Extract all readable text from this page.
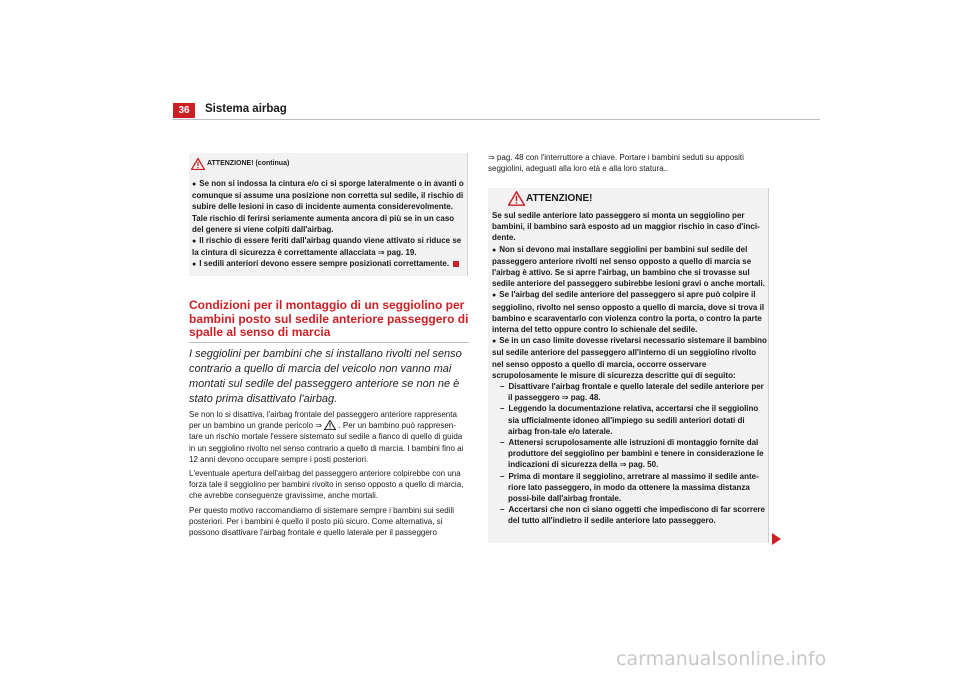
36	Sistema airbag
ATTENZIONE! (continua)
● Se non si indossa la cintura e/o ci si sporge lateralmente o in avanti o comunque si assume una posizione non corretta sul sedile, il rischio di subire delle lesioni in caso di incidente aumenta considerevolmente. Tale rischio di ferirsi seriamente aumenta ancora di più se in un caso del genere si viene colpiti dall'airbag.
● Il rischio di essere feriti dall'airbag quando viene attivato si riduce se la cintura di sicurezza è correttamente allacciata ⇒ pag. 19.
● I sedili anteriori devono essere sempre posizionati correttamente.
Condizioni per il montaggio di un seggiolino per bambini posto sul sedile anteriore passeggero di spalle al senso di marcia
I seggiolini per bambini che si installano rivolti nel senso contrario a quello di marcia del veicolo non vanno mai montati sul sedile del passeggero anteriore se non ne è stato prima disattivato l'airbag.
Se non lo si disattiva, l'airbag frontale del passeggero anteriore rappresenta per un bambino un grande pericolo ⇒ . Per un bambino può rappresen-tare un rischio mortale l'essere sistemato sul sedile a fianco di quello di guida in un seggiolino rivolto nel senso contrario a quello di marcia. I bambini fino ai 12 anni devono occupare sempre i posti posteriori.
L'eventuale apertura dell'airbag del passeggero anteriore colpirebbe con una forza tale il seggiolino per bambini rivolto in senso opposto a quello di marcia, che avrebbe conseguenze gravissime, anche mortali.
Per questo motivo raccomandiamo di sistemare sempre i bambini sui sedili posteriori. Per i bambini è quello il posto più sicuro. Come alternativa, si possono disattivare l'airbag frontale e quello laterale per il passeggero
⇒ pag. 48 con l'interruttore a chiave. Portare i bambini seduti su appositi seggiolini, adeguati alla loro età e alla loro statura..
ATTENZIONE!
Se sul sedile anteriore lato passeggero si monta un seggiolino per bambini, il bambino sarà esposto ad un maggior rischio in caso d'inci-dente.
● Non si devono mai installare seggiolini per bambini sul sedile del passeggero anteriore rivolti nel senso opposto a quello di marcia se l'airbag è attivo. Se si aprre l'airbag, un bambino che si trovasse sul sedile anteriore del passeggero subirebbe lesioni gravi o anche mortali.
● Se l'airbag del sedile anteriore del passeggero si apre può colpire il seggiolino, rivolto nel senso opposto a quello di marcia, dove si trova il bambino e scaraventarlo con violenza contro la porta, o contro la parte interna del tetto oppure contro lo schienale del sedile.
● Se in un caso limite dovesse rivelarsi necessario sistemare il bambino sul sedile anteriore del passeggero all'interno di un seggiolino rivolto nel senso opposto a quello di marcia, occorre osservare scrupolosamente le misure di sicurezza descritte qui di seguito:
– Disattivare l'airbag frontale e quello laterale del sedile anteriore per il passeggero ⇒ pag. 48.
– Leggendo la documentazione relativa, accertarsi che il seggiolino sia ufficialmente idoneo all'impiego su sedili anteriori dotati di airbag fron-tale e/o laterale.
– Attenersi scrupolosamente alle istruzioni di montaggio fornite dal produttore del seggiolino per bambini e tenere in considerazione le indicazioni di sicurezza della ⇒ pag. 50.
– Prima di montare il seggiolino, arretrare al massimo il sedile ante-riore lato passeggero, in modo da ottenere la massima distanza possi-bile dall'airbag frontale.
– Accertarsi che non ci siano oggetti che impediscono di far scorrere del tutto all'indietro il sedile anteriore lato passeggero.
carmanualsonline.info
